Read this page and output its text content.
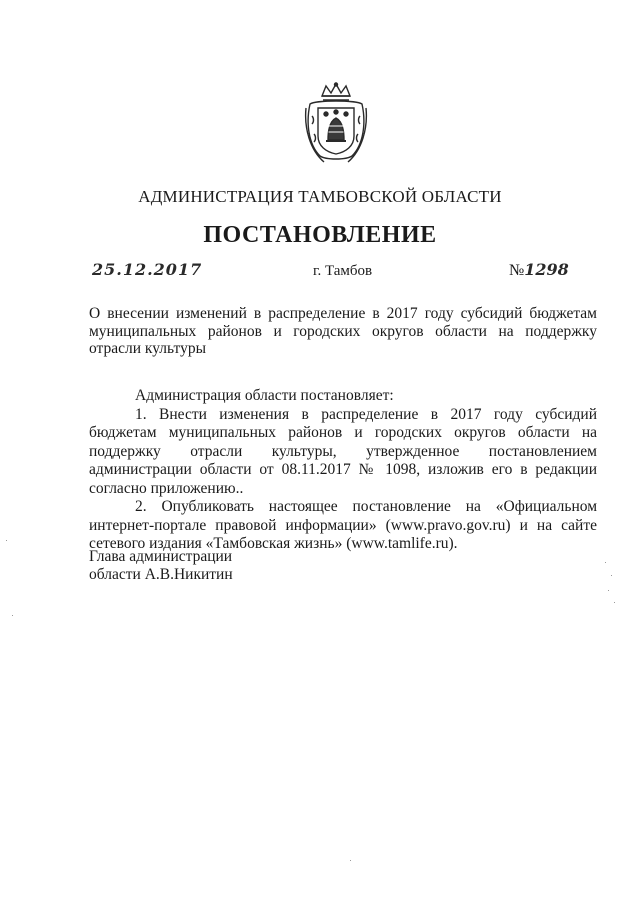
АДМИНИСТРАЦИЯ ТАМБОВСКОЙ ОБЛАСТИ
ПОСТАНОВЛЕНИЕ
25.12.2017	г. Тамбов	№1298
О внесении изменений в распределение в 2017 году субсидий бюджетам муниципальных районов и городских округов области на поддержку отрасли культуры

Администрация области постановляет:

1. Внести изменения в распределение в 2017 году субсидий бюджетам муниципальных районов и городских округов области на поддержку отрасли культуры, утвержденное постановлением администрации области от 08.11.2017 № 1098, изложив его в редакции согласно приложению..

2. Опубликовать настоящее постановление на «Официальном интернет-портале правовой информации» (www.pravo.gov.ru) и на сайте сетевого издания «Тамбовская жизнь» (www.tamlife.ru).

Глава администрации
области А.В.Никитин
